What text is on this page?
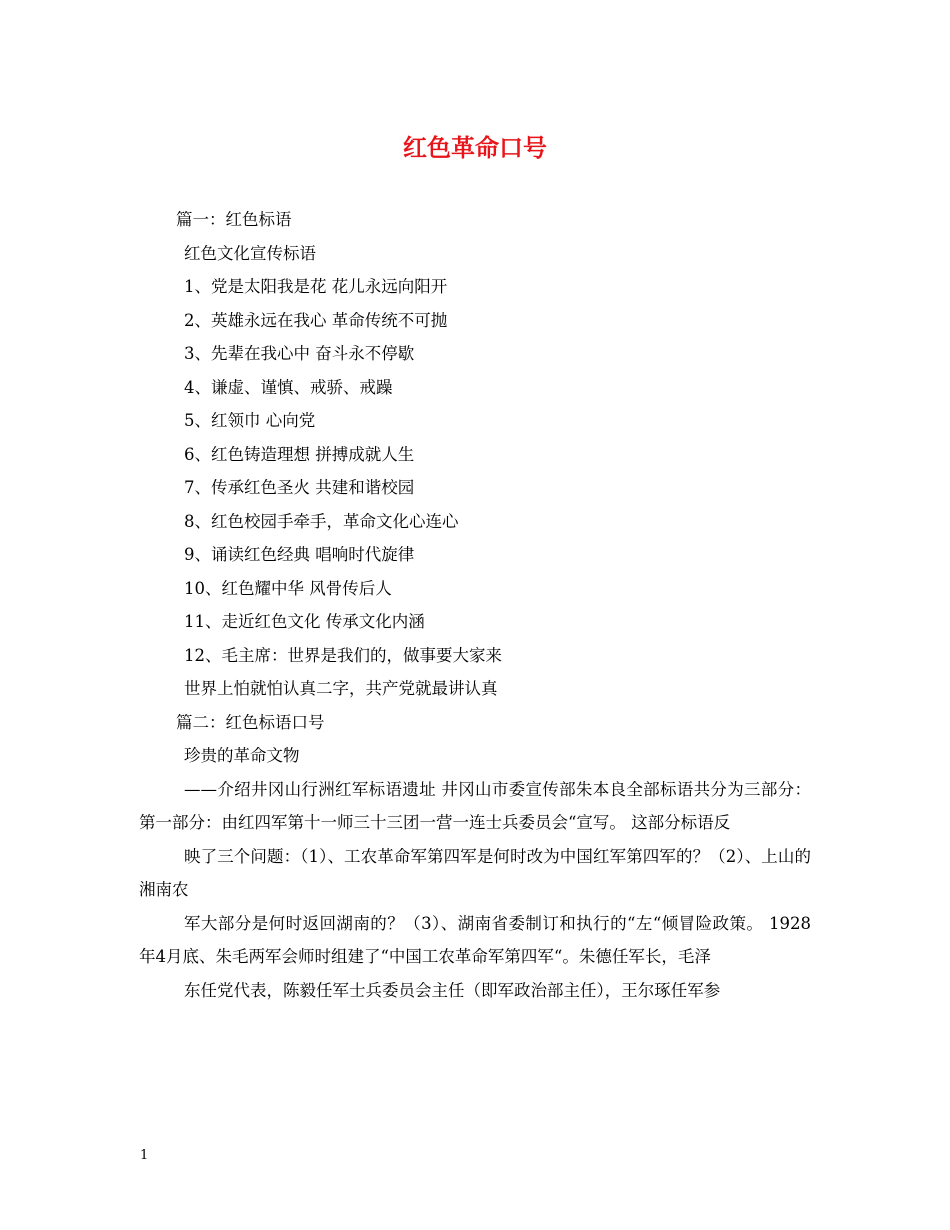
红色革命口号

篇一：红色标语

红色文化宣传标语

1、党是太阳我是花 花儿永远向阳开

2、英雄永远在我心 革命传统不可抛

3、先辈在我心中 奋斗永不停歇

4、谦虚、谨慎、戒骄、戒躁

5、红领巾 心向党

6、红色铸造理想 拼搏成就人生

7、传承红色圣火 共建和谐校园

8、红色校园手牵手，革命文化心连心

9、诵读红色经典 唱响时代旋律

10、红色耀中华 风骨传后人

11、走近红色文化 传承文化内涵

12、毛主席：世界是我们的，做事要大家来

世界上怕就怕认真二字，共产党就最讲认真

篇二：红色标语口号

珍贵的革命文物

——介绍井冈山行洲红军标语遗址 井冈山市委宣传部朱本良全部标语共分为三部分：第一部分：由红四军第十一师三十三团一营一连士兵委员会“宣写。 这部分标语反

映了三个问题：（1）、工农革命军第四军是何时改为中国红军第四军的？（2）、上山的湘南农

军大部分是何时返回湖南的？（3）、湖南省委制订和执行的“左“倾冒险政策。 1928年4月底、朱毛两军会师时组建了“中国工农革命军第四军“。朱德任军长，毛泽

东任党代表，陈毅任军士兵委员会主任（即军政治部主任），王尔琢任军参

1
